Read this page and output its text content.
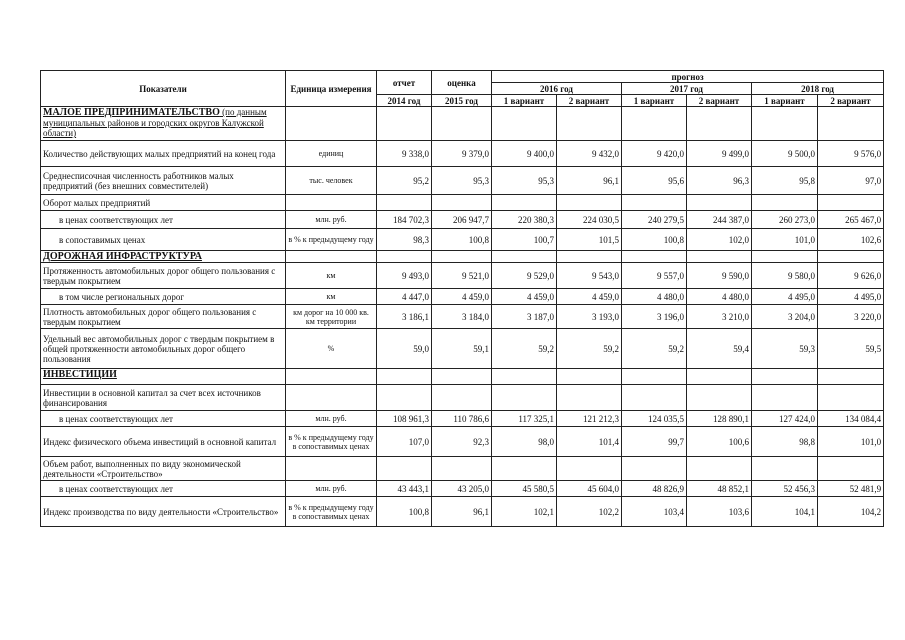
Показатели	Единица измерения	отчет	оценка	прогноз					
				2016 год		2017 год		2018 год	
		2014 год	2015 год	1 вариант	2 вариант	1 вариант	2 вариант	1 вариант	2 вариант
МАЛОЕ ПРЕДПРИНИМАТЕЛЬСТВО (по данным муниципальных районов и городских округов Калужской области)									
Количество действующих малых предприятий на конец года	единиц	9 338,0	9 379,0	9 400,0	9 432,0	9 420,0	9 499,0	9 500,0	9 576,0
Среднесписочная численность работников малых предприятий (без внешних совместителей)	тыс. человек	95,2	95,3	95,3	96,1	95,6	96,3	95,8	97,0
Оборот малых предприятий									
в ценах соответствующих лет	млн. руб.	184 702,3	206 947,7	220 380,3	224 030,5	240 279,5	244 387,0	260 273,0	265 467,0
в сопоставимых ценах	в % к предыдущему году	98,3	100,8	100,7	101,5	100,8	102,0	101,0	102,6
ДОРОЖНАЯ ИНФРАСТРУКТУРА									
Протяженность автомобильных дорог общего пользования с твердым покрытием	км	9 493,0	9 521,0	9 529,0	9 543,0	9 557,0	9 590,0	9 580,0	9 626,0
в том числе региональных дорог	км	4 447,0	4 459,0	4 459,0	4 459,0	4 480,0	4 480,0	4 495,0	4 495,0
Плотность автомобильных дорог общего пользования с твердым покрытием	км дорог на 10 000 кв. км территории	3 186,1	3 184,0	3 187,0	3 193,0	3 196,0	3 210,0	3 204,0	3 220,0
Удельный вес автомобильных дорог с твердым покрытием в общей протяженности автомобильных дорог общего пользования	%	59,0	59,1	59,2	59,2	59,2	59,4	59,3	59,5
ИНВЕСТИЦИИ									
Инвестиции в основной капитал за счет всех источников финансирования									
в ценах соответствующих лет	млн. руб.	108 961,3	110 786,6	117 325,1	121 212,3	124 035,5	128 890,1	127 424,0	134 084,4
Индекс физического объема инвестиций в основной капитал	в % к предыдущему году в сопоставимых ценах	107,0	92,3	98,0	101,4	99,7	100,6	98,8	101,0
Объем работ, выполненных по виду экономической деятельности «Строительство»									
в ценах соответствующих лет	млн. руб.	43 443,1	43 205,0	45 580,5	45 604,0	48 826,9	48 852,1	52 456,3	52 481,9
Индекс производства по виду деятельности «Строительство»	в % к предыдущему году в сопоставимых ценах	100,8	96,1	102,1	102,2	103,4	103,6	104,1	104,2
